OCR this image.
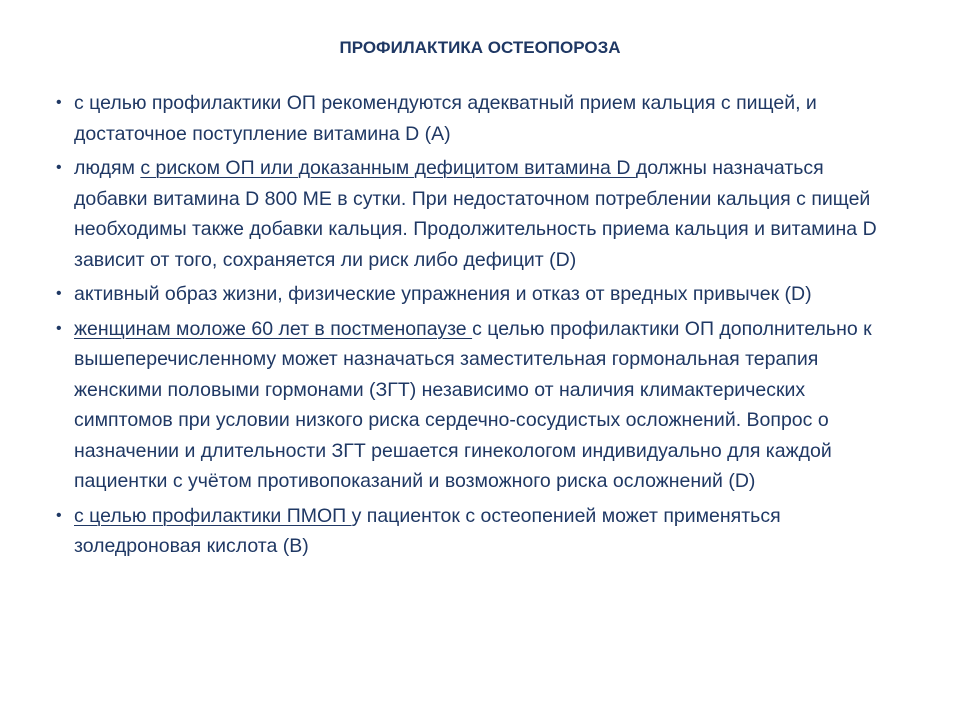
ПРОФИЛАКТИКА ОСТЕОПОРОЗА
• с целью профилактики ОП рекомендуются адекватный прием кальция с пищей, и достаточное поступление витамина D (A)
• людям с риском ОП или доказанным дефицитом витамина D должны назначаться добавки витамина D 800 МЕ в сутки. При недостаточном потреблении кальция с пищей необходимы также добавки кальция. Продолжительность приема кальция и витамина D зависит от того, сохраняется ли риск либо дефицит (D)
• активный образ жизни, физические упражнения и отказ от вредных привычек (D)
• женщинам моложе 60 лет в постменопаузе с целью профилактики ОП дополнительно к вышеперечисленному может назначаться заместительная гормональная терапия женскими половыми гормонами (ЗГТ) независимо от наличия климактерических симптомов при условии низкого риска сердечно-сосудистых осложнений. Вопрос о назначении и длительности ЗГТ решается гинекологом индивидуально для каждой пациентки с учётом противопоказаний и возможного риска осложнений (D)
• с целью профилактики ПМОП у пациенток с остеопенией может применяться золедроновая кислота (B)
